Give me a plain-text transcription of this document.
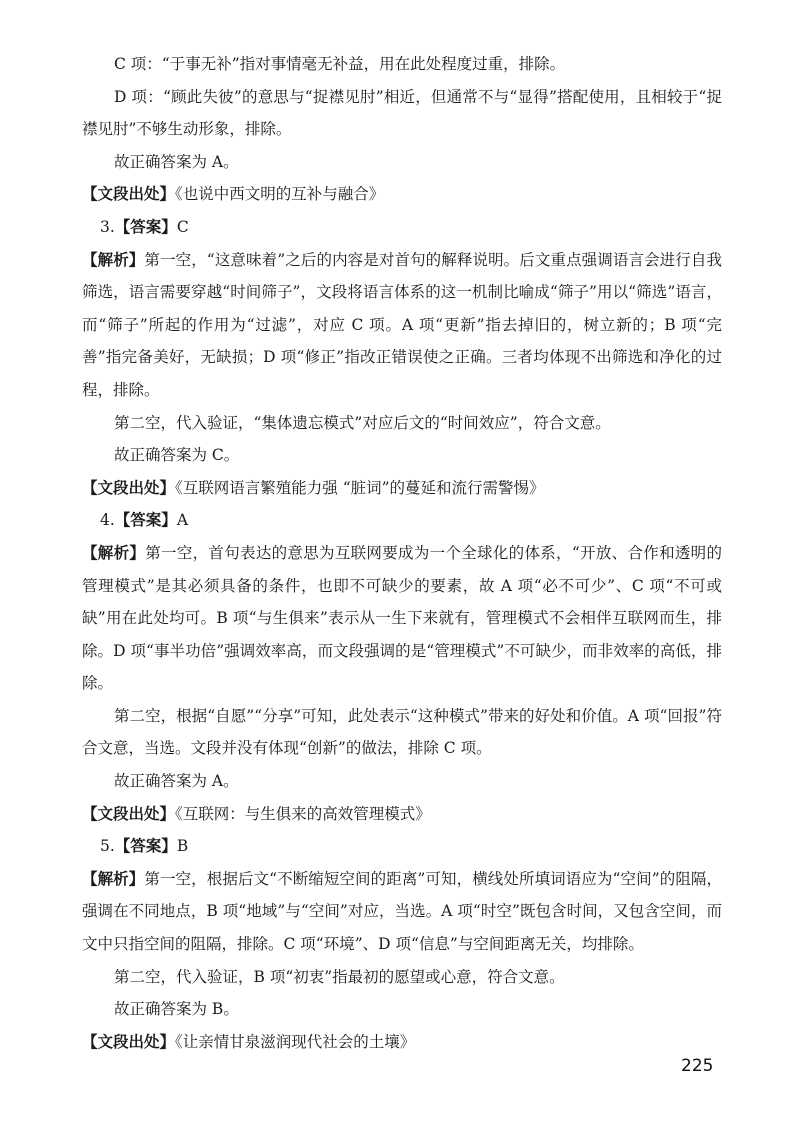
C 项：“于事无补”指对事情毫无补益，用在此处程度过重，排除。

D 项：“顾此失彼”的意思与“捉襟见肘”相近，但通常不与“显得”搭配使用，且相较于“捉襟见肘”不够生动形象，排除。

故正确答案为 A。

【文段出处】《也说中西文明的互补与融合》

3.【答案】C

【解析】第一空，“这意味着”之后的内容是对首句的解释说明。后文重点强调语言会进行自我筛选，语言需要穿越“时间筛子”，文段将语言体系的这一机制比喻成“筛子”用以“筛选”语言，而“筛子”所起的作用为“过滤”，对应 C 项。A 项“更新”指去掉旧的，树立新的；B 项“完善”指完备美好，无缺损；D 项“修正”指改正错误使之正确。三者均体现不出筛选和净化的过程，排除。

第二空，代入验证，“集体遗忘模式”对应后文的“时间效应”，符合文意。

故正确答案为 C。

【文段出处】《互联网语言繁殖能力强 “脏词”的蔓延和流行需警惕》

4.【答案】A

【解析】第一空，首句表达的意思为互联网要成为一个全球化的体系，“开放、合作和透明的管理模式”是其必须具备的条件，也即不可缺少的要素，故 A 项“必不可少”、C 项“不可或缺”用在此处均可。B 项“与生俱来”表示从一生下来就有，管理模式不会相伴互联网而生，排除。D 项“事半功倍”强调效率高，而文段强调的是“管理模式”不可缺少，而非效率的高低，排除。

第二空，根据“自愿”“分享”可知，此处表示“这种模式”带来的好处和价值。A 项“回报”符合文意，当选。文段并没有体现“创新”的做法，排除 C 项。

故正确答案为 A。

【文段出处】《互联网：与生俱来的高效管理模式》

5.【答案】B

【解析】第一空，根据后文“不断缩短空间的距离”可知，横线处所填词语应为“空间”的阻隔，强调在不同地点，B 项“地域”与“空间”对应，当选。A 项“时空”既包含时间，又包含空间，而文中只指空间的阻隔，排除。C 项“环境”、D 项“信息”与空间距离无关，均排除。

第二空，代入验证，B 项“初衷”指最初的愿望或心意，符合文意。

故正确答案为 B。

【文段出处】《让亲情甘泉滋润现代社会的土壤》

225
